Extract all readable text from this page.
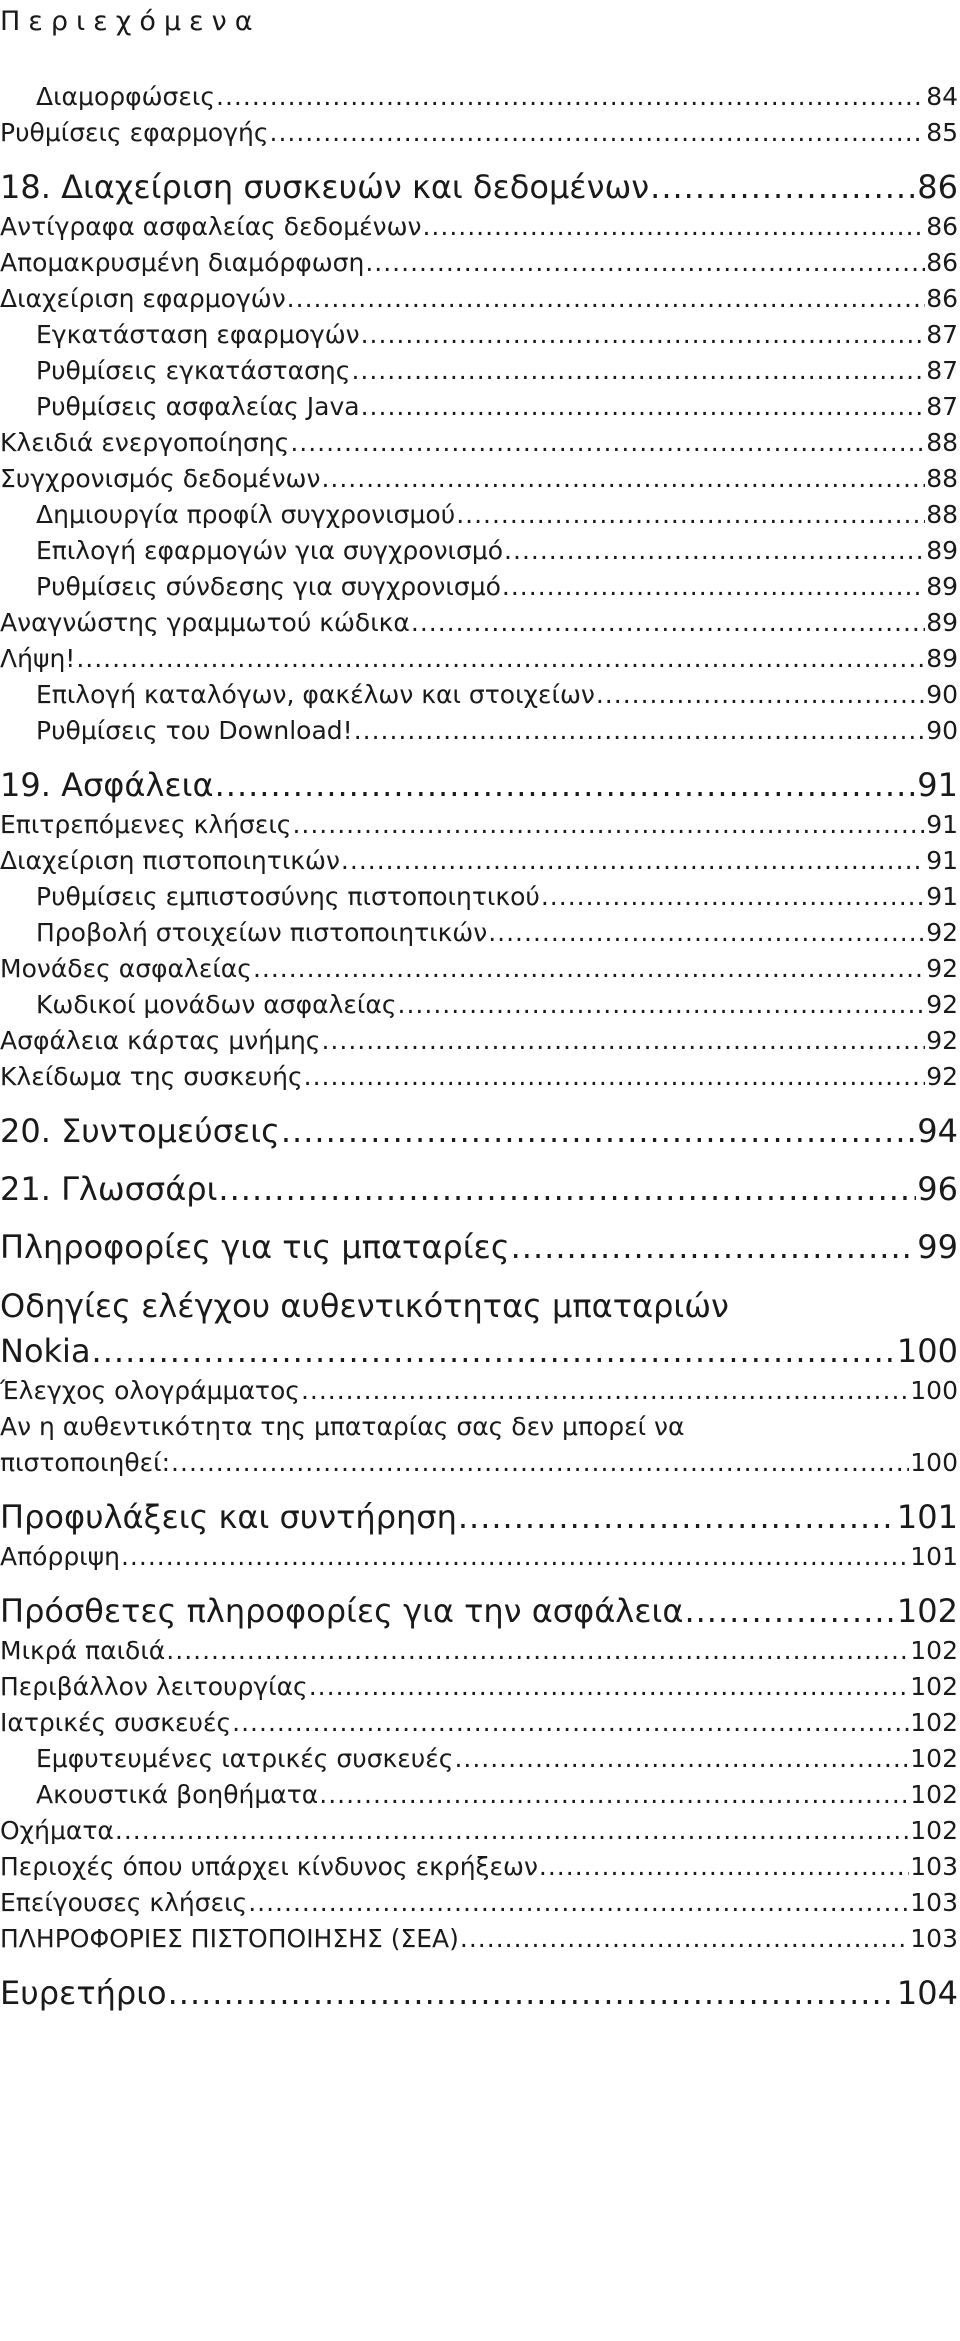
Περιεχόμενα
Διαμορφώσεις .....	84
Ρυθμίσεις εφαρμογής .....	85
18. Διαχείριση συσκευών και δεδομένων .....	86
Αντίγραφα ασφαλείας δεδομένων .....	86
Απομακρυσμένη διαμόρφωση .....	86
Διαχείριση εφαρμογών .....	86
Εγκατάσταση εφαρμογών .....	87
Ρυθμίσεις εγκατάστασης .....	87
Ρυθμίσεις ασφαλείας Java .....	87
Κλειδιά ενεργοποίησης .....	88
Συγχρονισμός δεδομένων .....	88
Δημιουργία προφίλ συγχρονισμού .....	88
Επιλογή εφαρμογών για συγχρονισμό .....	89
Ρυθμίσεις σύνδεσης για συγχρονισμό .....	89
Αναγνώστης γραμμωτού κώδικα .....	89
Λήψη! .....	89
Επιλογή καταλόγων, φακέλων και στοιχείων .....	90
Ρυθμίσεις του Download! .....	90
19. Ασφάλεια .....	91
Επιτρεπόμενες κλήσεις .....	91
Διαχείριση πιστοποιητικών .....	91
Ρυθμίσεις εμπιστοσύνης πιστοποιητικού .....	91
Προβολή στοιχείων πιστοποιητικών .....	92
Μονάδες ασφαλείας .....	92
Κωδικοί μονάδων ασφαλείας .....	92
Ασφάλεια κάρτας μνήμης .....	92
Κλείδωμα της συσκευής .....	92
20. Συντομεύσεις .....	94
21. Γλωσσάρι .....	96
Πληροφορίες για τις μπαταρίες .....	99
Οδηγίες ελέγχου αυθεντικότητας μπαταριών
Nokia .....	100
Έλεγχος ολογράμματος .....	100
Αν η αυθεντικότητα της μπαταρίας σας δεν μπορεί να
πιστοποιηθεί: .....	100
Προφυλάξεις και συντήρηση .....	101
Απόρριψη .....	101
Πρόσθετες πληροφορίες για την ασφάλεια .....	102
Μικρά παιδιά .....	102
Περιβάλλον λειτουργίας .....	102
Ιατρικές συσκευές .....	102
Εμφυτευμένες ιατρικές συσκευές .....	102
Ακουστικά βοηθήματα .....	102
Οχήματα .....	102
Περιοχές όπου υπάρχει κίνδυνος εκρήξεων .....	103
Επείγουσες κλήσεις .....	103
ΠΛΗΡΟΦΟΡΙΕΣ ΠΙΣΤΟΠΟΙΗΣΗΣ (ΣΕΑ) .....	103
Ευρετήριο .....	104
